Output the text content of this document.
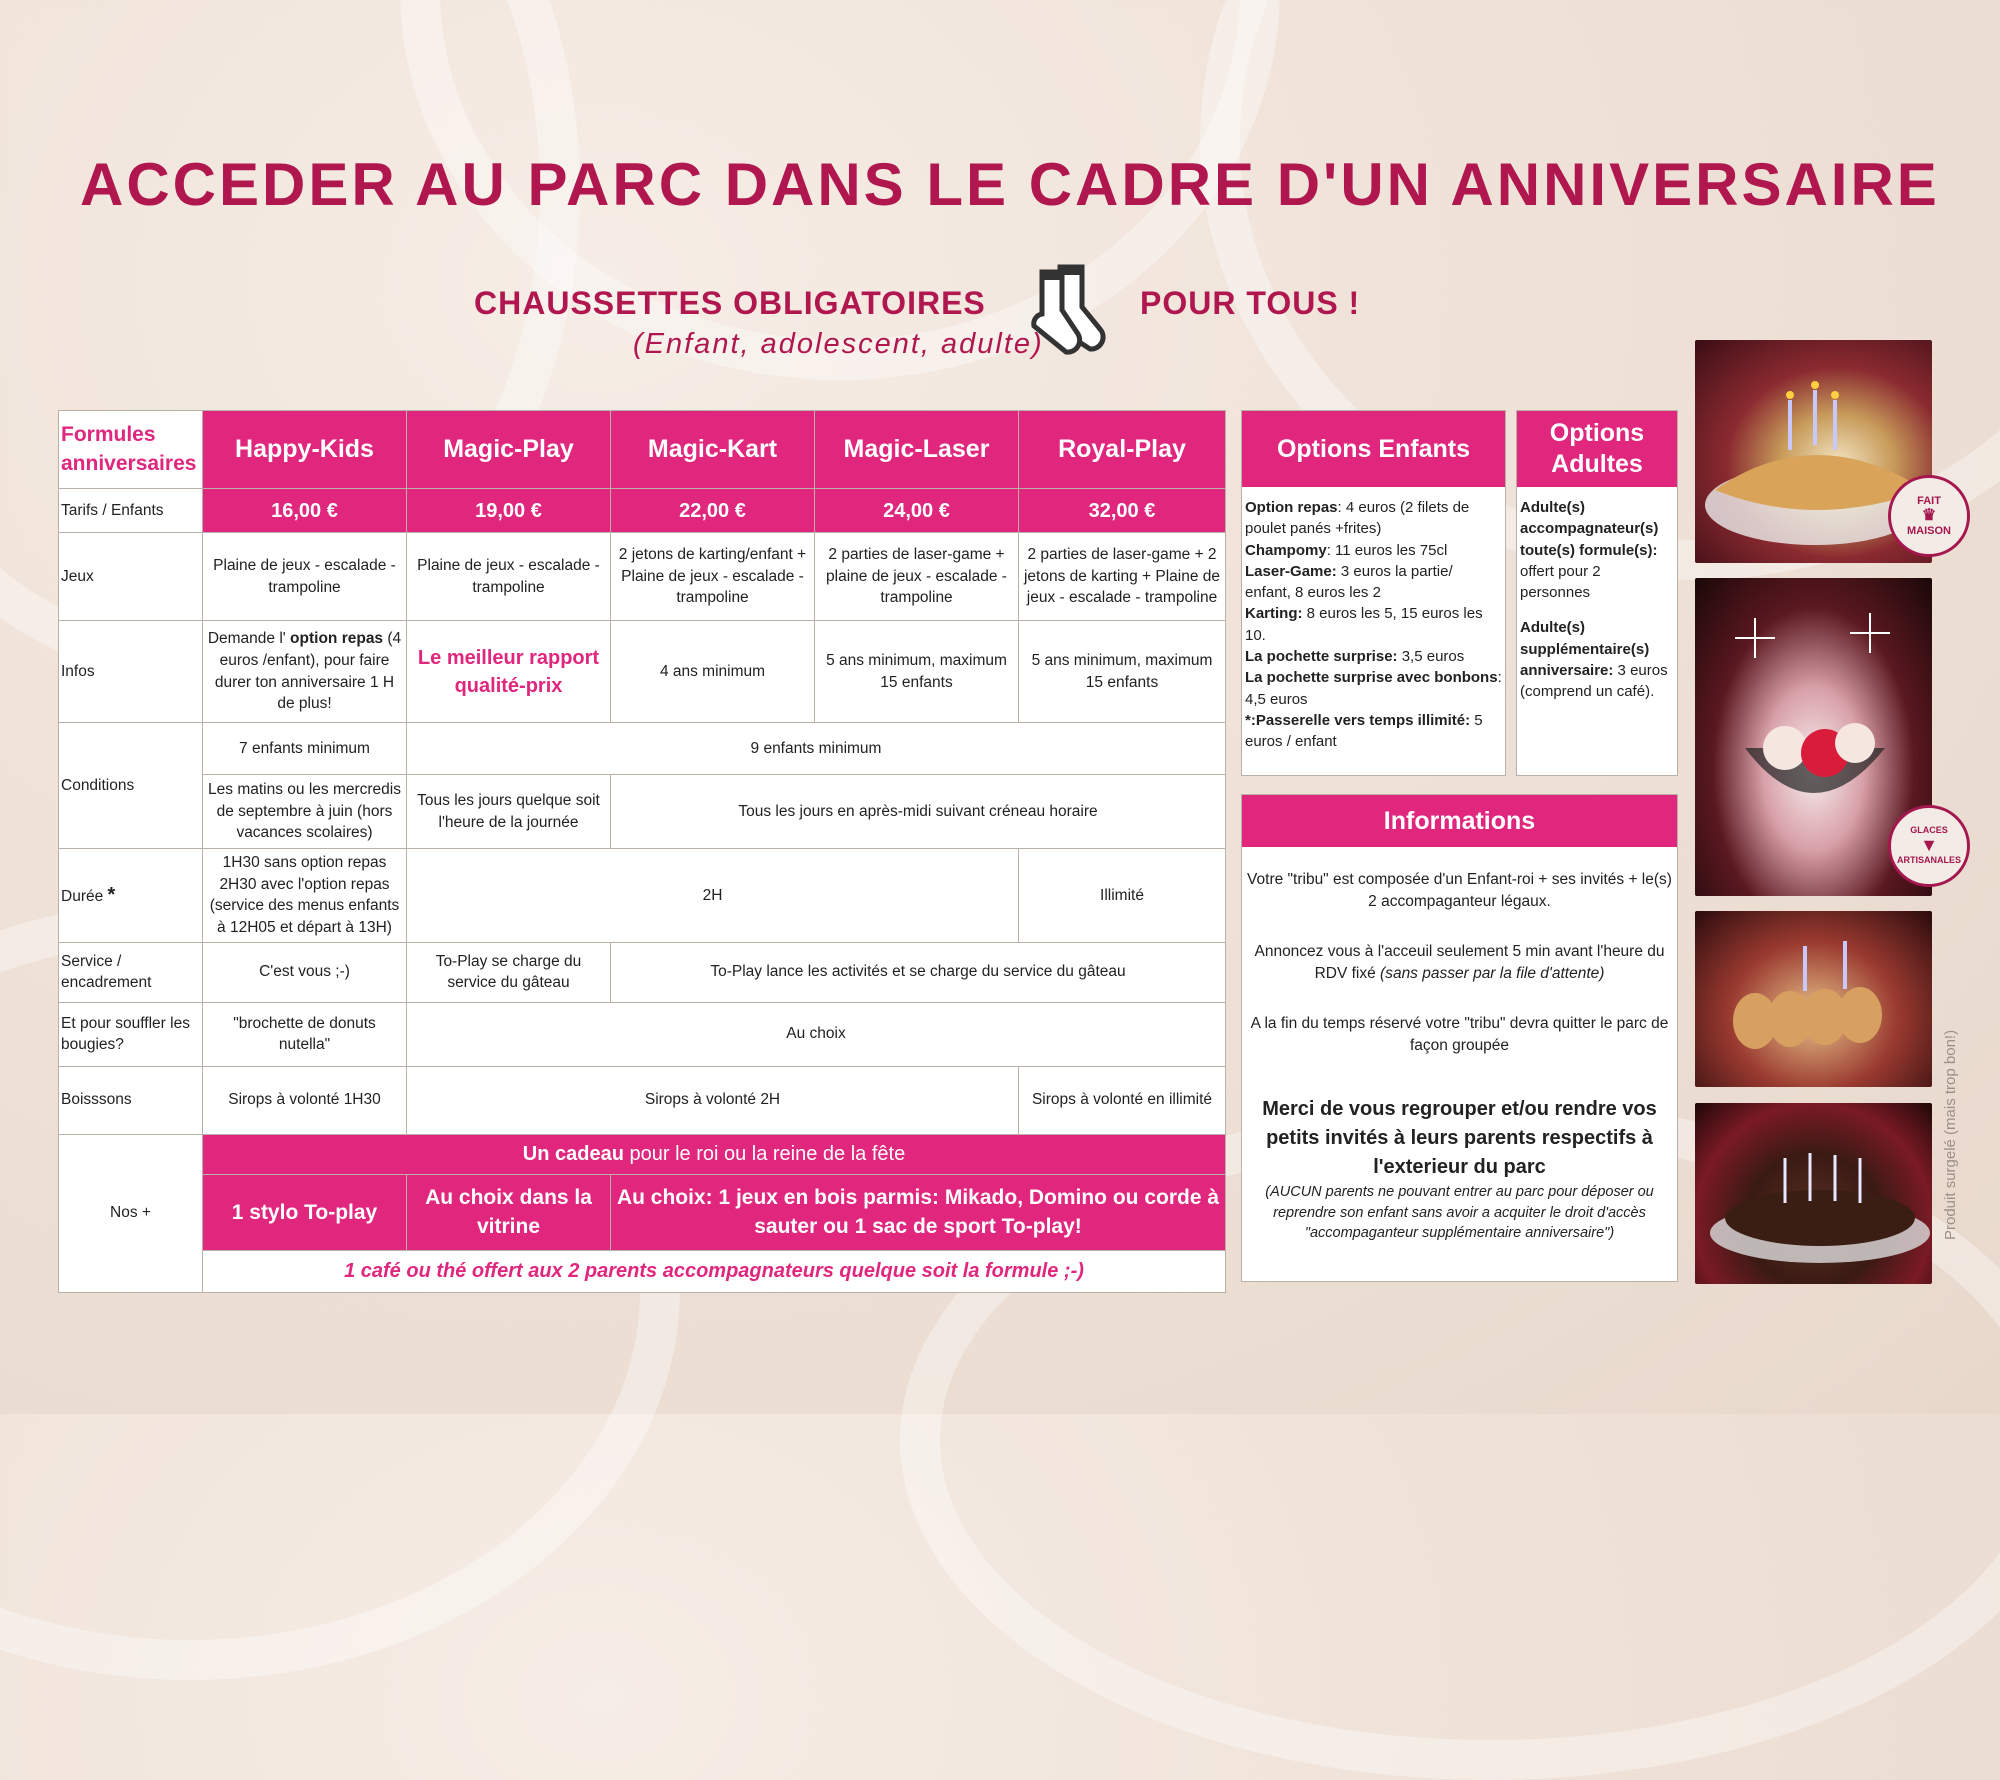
ACCEDER AU PARC DANS LE CADRE D'UN ANNIVERSAIRE
CHAUSSETTES OBLIGATOIRES	POUR TOUS !
(Enfant, adolescent, adulte)
Formules anniversaires	Happy-Kids	Magic-Play	Magic-Kart	Magic-Laser	Royal-Play
Tarifs / Enfants	16,00 €	19,00 €	22,00 €	24,00 €	32,00 €
Jeux	Plaine de jeux - escalade - trampoline	Plaine de jeux - escalade - trampoline	2 jetons de karting/enfant + Plaine de jeux - escalade - trampoline	2 parties de laser-game + plaine de jeux - escalade - trampoline	2 parties de laser-game + 2 jetons de karting + Plaine de jeux - escalade - trampoline
Infos	Demande l' option repas (4 euros /enfant), pour faire durer ton anniversaire 1 H de plus!	Le meilleur rapport qualité-prix	4 ans minimum	5 ans minimum, maximum 15 enfants	5 ans minimum, maximum 15 enfants
Conditions	7 enfants minimum	9 enfants minimum			
	Les matins ou les mercredis de septembre à juin (hors vacances scolaires)	Tous les jours quelque soit l'heure de la journée	Tous les jours en après-midi suivant créneau horaire		
Durée *	1H30 sans option repas 2H30 avec l'option repas (service des menus enfants à 12H05 et départ à 13H)	2H			Illimité
Service / encadrement	C'est vous ;-)	To-Play se charge du service du gâteau	To-Play lance les activités et se charge du service du gâteau		
Et pour souffler les bougies?	"brochette de donuts nutella"	Au choix			
Boisssons	Sirops à volonté 1H30	Sirops à volonté 2H			Sirops à volonté en illimité
Nos +	Un cadeau pour le roi ou la reine de la fête				
	1 stylo To-play	Au choix dans la vitrine	Au choix: 1 jeux en bois parmis: Mikado, Domino ou corde à sauter ou 1 sac de sport To-play!		
	1 café ou thé offert aux 2 parents accompagnateurs quelque soit la formule ;-)				
Options Enfants
Option repas: 4 euros (2 filets de poulet panés +frites)
Champomy: 11 euros les 75cl
Laser-Game: 3 euros la partie/ enfant, 8 euros les 2
Karting: 8 euros les 5, 15 euros les 10.
La pochette surprise: 3,5 euros
La pochette surprise avec bonbons: 4,5 euros
*:Passerelle vers temps illimité: 5 euros / enfant
Options Adultes
Adulte(s) accompagnateur(s) toute(s) formule(s): offert pour 2 personnes
Adulte(s) supplémentaire(s) anniversaire: 3 euros (comprend un café).
Informations
Votre "tribu" est composée d'un Enfant-roi + ses invités + le(s) 2 accompaganteur légaux.
Annoncez vous à l'acceuil seulement 5 min avant l'heure du RDV fixé (sans passer par la file d'attente)
A la fin du temps réservé votre "tribu" devra quitter le parc de façon groupée
Merci de vous regrouper et/ou rendre vos petits invités à leurs parents respectifs à l'exterieur du parc
(AUCUN parents ne pouvant entrer au parc pour déposer ou reprendre son enfant sans avoir a acquiter le droit d'accès "accompaganteur supplémentaire anniversaire")
FAIT
♛
MAISON
GLACES
▼
ARTISANALES
Produit surgelé (mais trop bon!)
